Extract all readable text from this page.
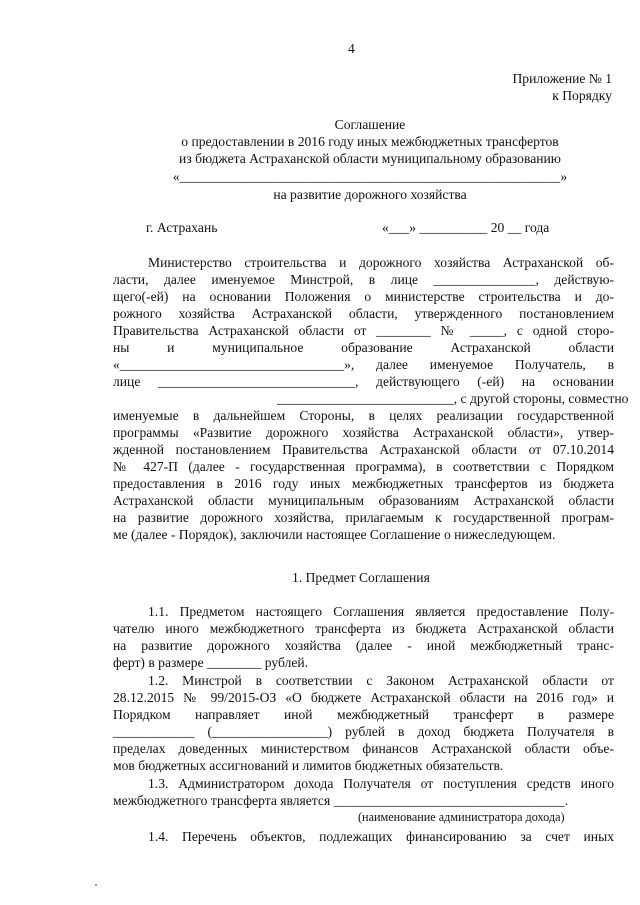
4
Приложение № 1
к Порядку
Соглашение
о предоставлении в 2016 году иных межбюджетных трансфертов
из бюджета Астраханской области муниципальному образованию
«________________________________________________________»
на развитие дорожного хозяйства
г. Астрахань	«___» __________ 20 __ года
Министерство строительства и дорожного хозяйства Астраханской об-
ласти, далее именуемое Минстрой, в лице _______________, действую-
щего(-ей) на основании Положения о министерстве строительства и до-
рожного хозяйства Астраханской области, утвержденного постановлением
Правительства Астраханской области от ________ № _____, с одной сторо-
ны и муниципальное образование Астраханской области
«_________________________________», далее именуемое Получатель, в
лице _____________________________, действующего (-ей) на основании
__________________________, с другой стороны, совместно
именуемые в дальнейшем Стороны, в целях реализации государственной
программы «Развитие дорожного хозяйства Астраханской области», утвер-
жденной постановлением Правительства Астраханской области от 07.10.2014
№ 427-П (далее - государственная программа), в соответствии с Порядком
предоставления в 2016 году иных межбюджетных трансфертов из бюджета
Астраханской области муниципальным образованиям Астраханской области
на развитие дорожного хозяйства, прилагаемым к государственной програм-
ме (далее - Порядок), заключили настоящее Соглашение о нижеследующем.
1. Предмет Соглашения
1.1. Предметом настоящего Соглашения является предоставление Полу-
чателю иного межбюджетного трансферта из бюджета Астраханской области
на развитие дорожного хозяйства (далее - иной межбюджетный транс-
ферт) в размере ________ рублей.
1.2. Минстрой в соответствии с Законом Астраханской области от
28.12.2015 № 99/2015-ОЗ «О бюджете Астраханской области на 2016 год» и
Порядком направляет иной межбюджетный трансферт в размере
____________ (_________________) рублей в доход бюджета Получателя в
пределах доведенных министерством финансов Астраханской области объе-
мов бюджетных ассигнований и лимитов бюджетных обязательств.
1.3. Администратором дохода Получателя от поступления средств иного
межбюджетного трансферта является __________________________________.
(наименование администратора дохода)
1.4. Перечень объектов, подлежащих финансированию за счет иных
